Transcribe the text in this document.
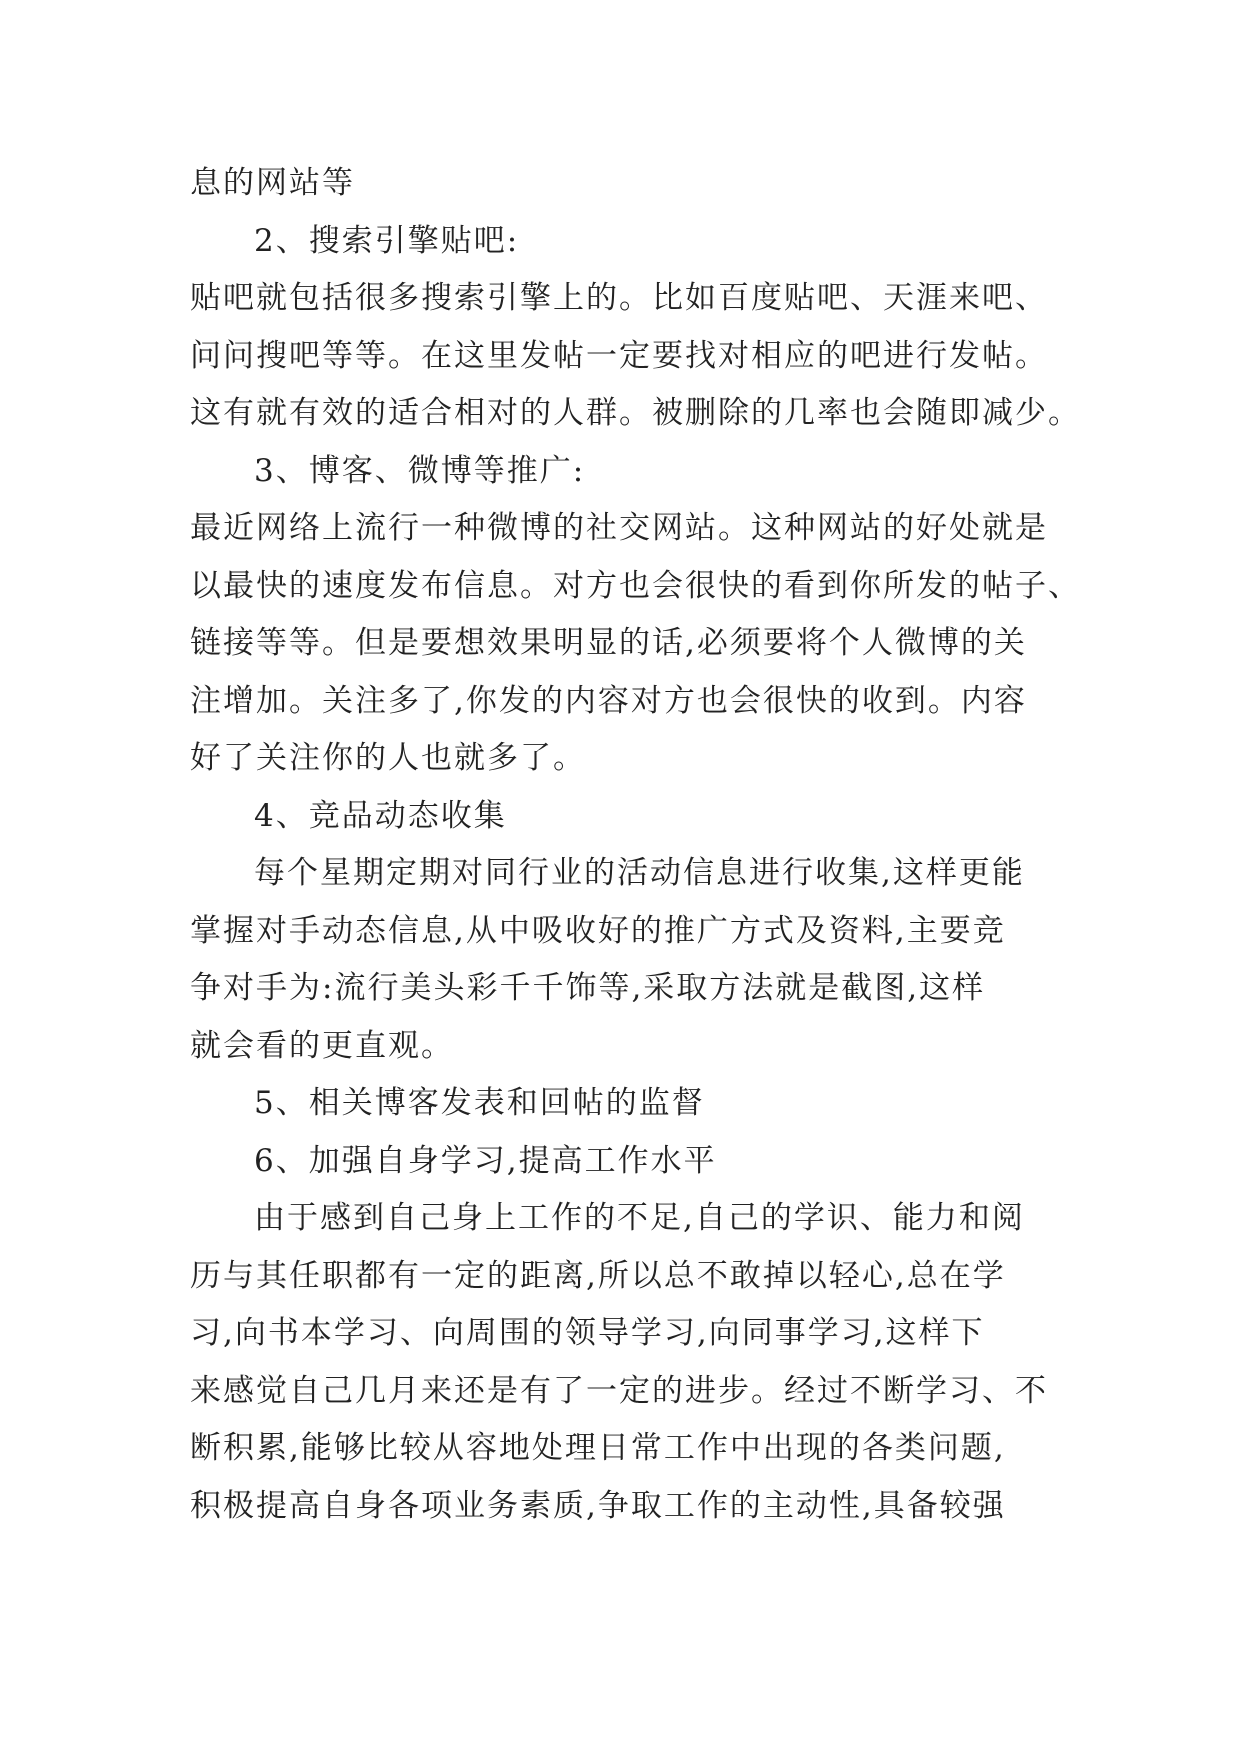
息的网站等
2、搜索引擎贴吧:
贴吧就包括很多搜索引擎上的。比如百度贴吧、天涯来吧、
问问搜吧等等。在这里发帖一定要找对相应的吧进行发帖。
这有就有效的适合相对的人群。被删除的几率也会随即减少。
3、博客、微博等推广:
最近网络上流行一种微博的社交网站。这种网站的好处就是
以最快的速度发布信息。对方也会很快的看到你所发的帖子、
链接等等。但是要想效果明显的话,必须要将个人微博的关
注增加。关注多了,你发的内容对方也会很快的收到。内容
好了关注你的人也就多了。
4、竞品动态收集
每个星期定期对同行业的活动信息进行收集,这样更能
掌握对手动态信息,从中吸收好的推广方式及资料,主要竞
争对手为:流行美头彩千千饰等,采取方法就是截图,这样
就会看的更直观。
5、相关博客发表和回帖的监督
6、加强自身学习,提高工作水平
由于感到自己身上工作的不足,自己的学识、能力和阅
历与其任职都有一定的距离,所以总不敢掉以轻心,总在学
习,向书本学习、向周围的领导学习,向同事学习,这样下
来感觉自己几月来还是有了一定的进步。经过不断学习、不
断积累,能够比较从容地处理日常工作中出现的各类问题,
积极提高自身各项业务素质,争取工作的主动性,具备较强
